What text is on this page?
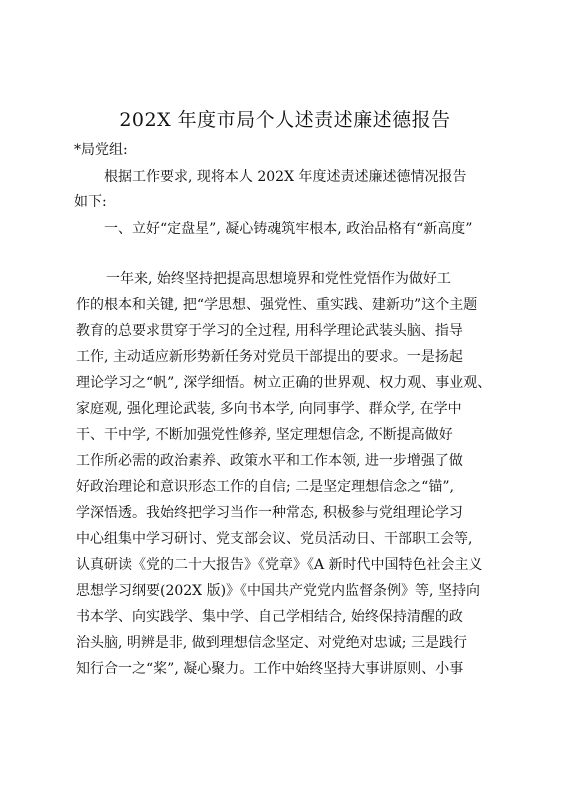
202X 年度市局个人述责述廉述德报告
*局党组:
根据工作要求, 现将本人 202X 年度述责述廉述德情况报告
如下:
一、立好“定盘星”, 凝心铸魂筑牢根本, 政治品格有“新高度”
一年来, 始终坚持把提高思想境界和党性党悟作为做好工
作的根本和关键, 把“学思想、强党性、重实践、建新功”这个主题
教育的总要求贯穿于学习的全过程, 用科学理论武装头脑、指导
工作, 主动适应新形势新任务对党员干部提出的要求。一是扬起
理论学习之“帆”, 深学细悟。树立正确的世界观、权力观、事业观、
家庭观, 强化理论武装, 多向书本学, 向同事学、群众学, 在学中
干、干中学, 不断加强党性修养, 坚定理想信念, 不断提高做好
工作所必需的政治素养、政策水平和工作本领, 进一步增强了做
好政治理论和意识形态工作的自信; 二是坚定理想信念之“锚”,
学深悟透。我始终把学习当作一种常态, 积极参与党组理论学习
中心组集中学习研讨、党支部会议、党员活动日、干部职工会等,
认真研读《党的二十大报告》《党章》《A 新时代中国特色社会主义
思想学习纲要(202X 版)》《中国共产党党内监督条例》等, 坚持向
书本学、向实践学、集中学、自己学相结合, 始终保持清醒的政
治头脑, 明辨是非, 做到理想信念坚定、对党绝对忠诚; 三是践行
知行合一之“桨”, 凝心聚力。工作中始终坚持大事讲原则、小事
